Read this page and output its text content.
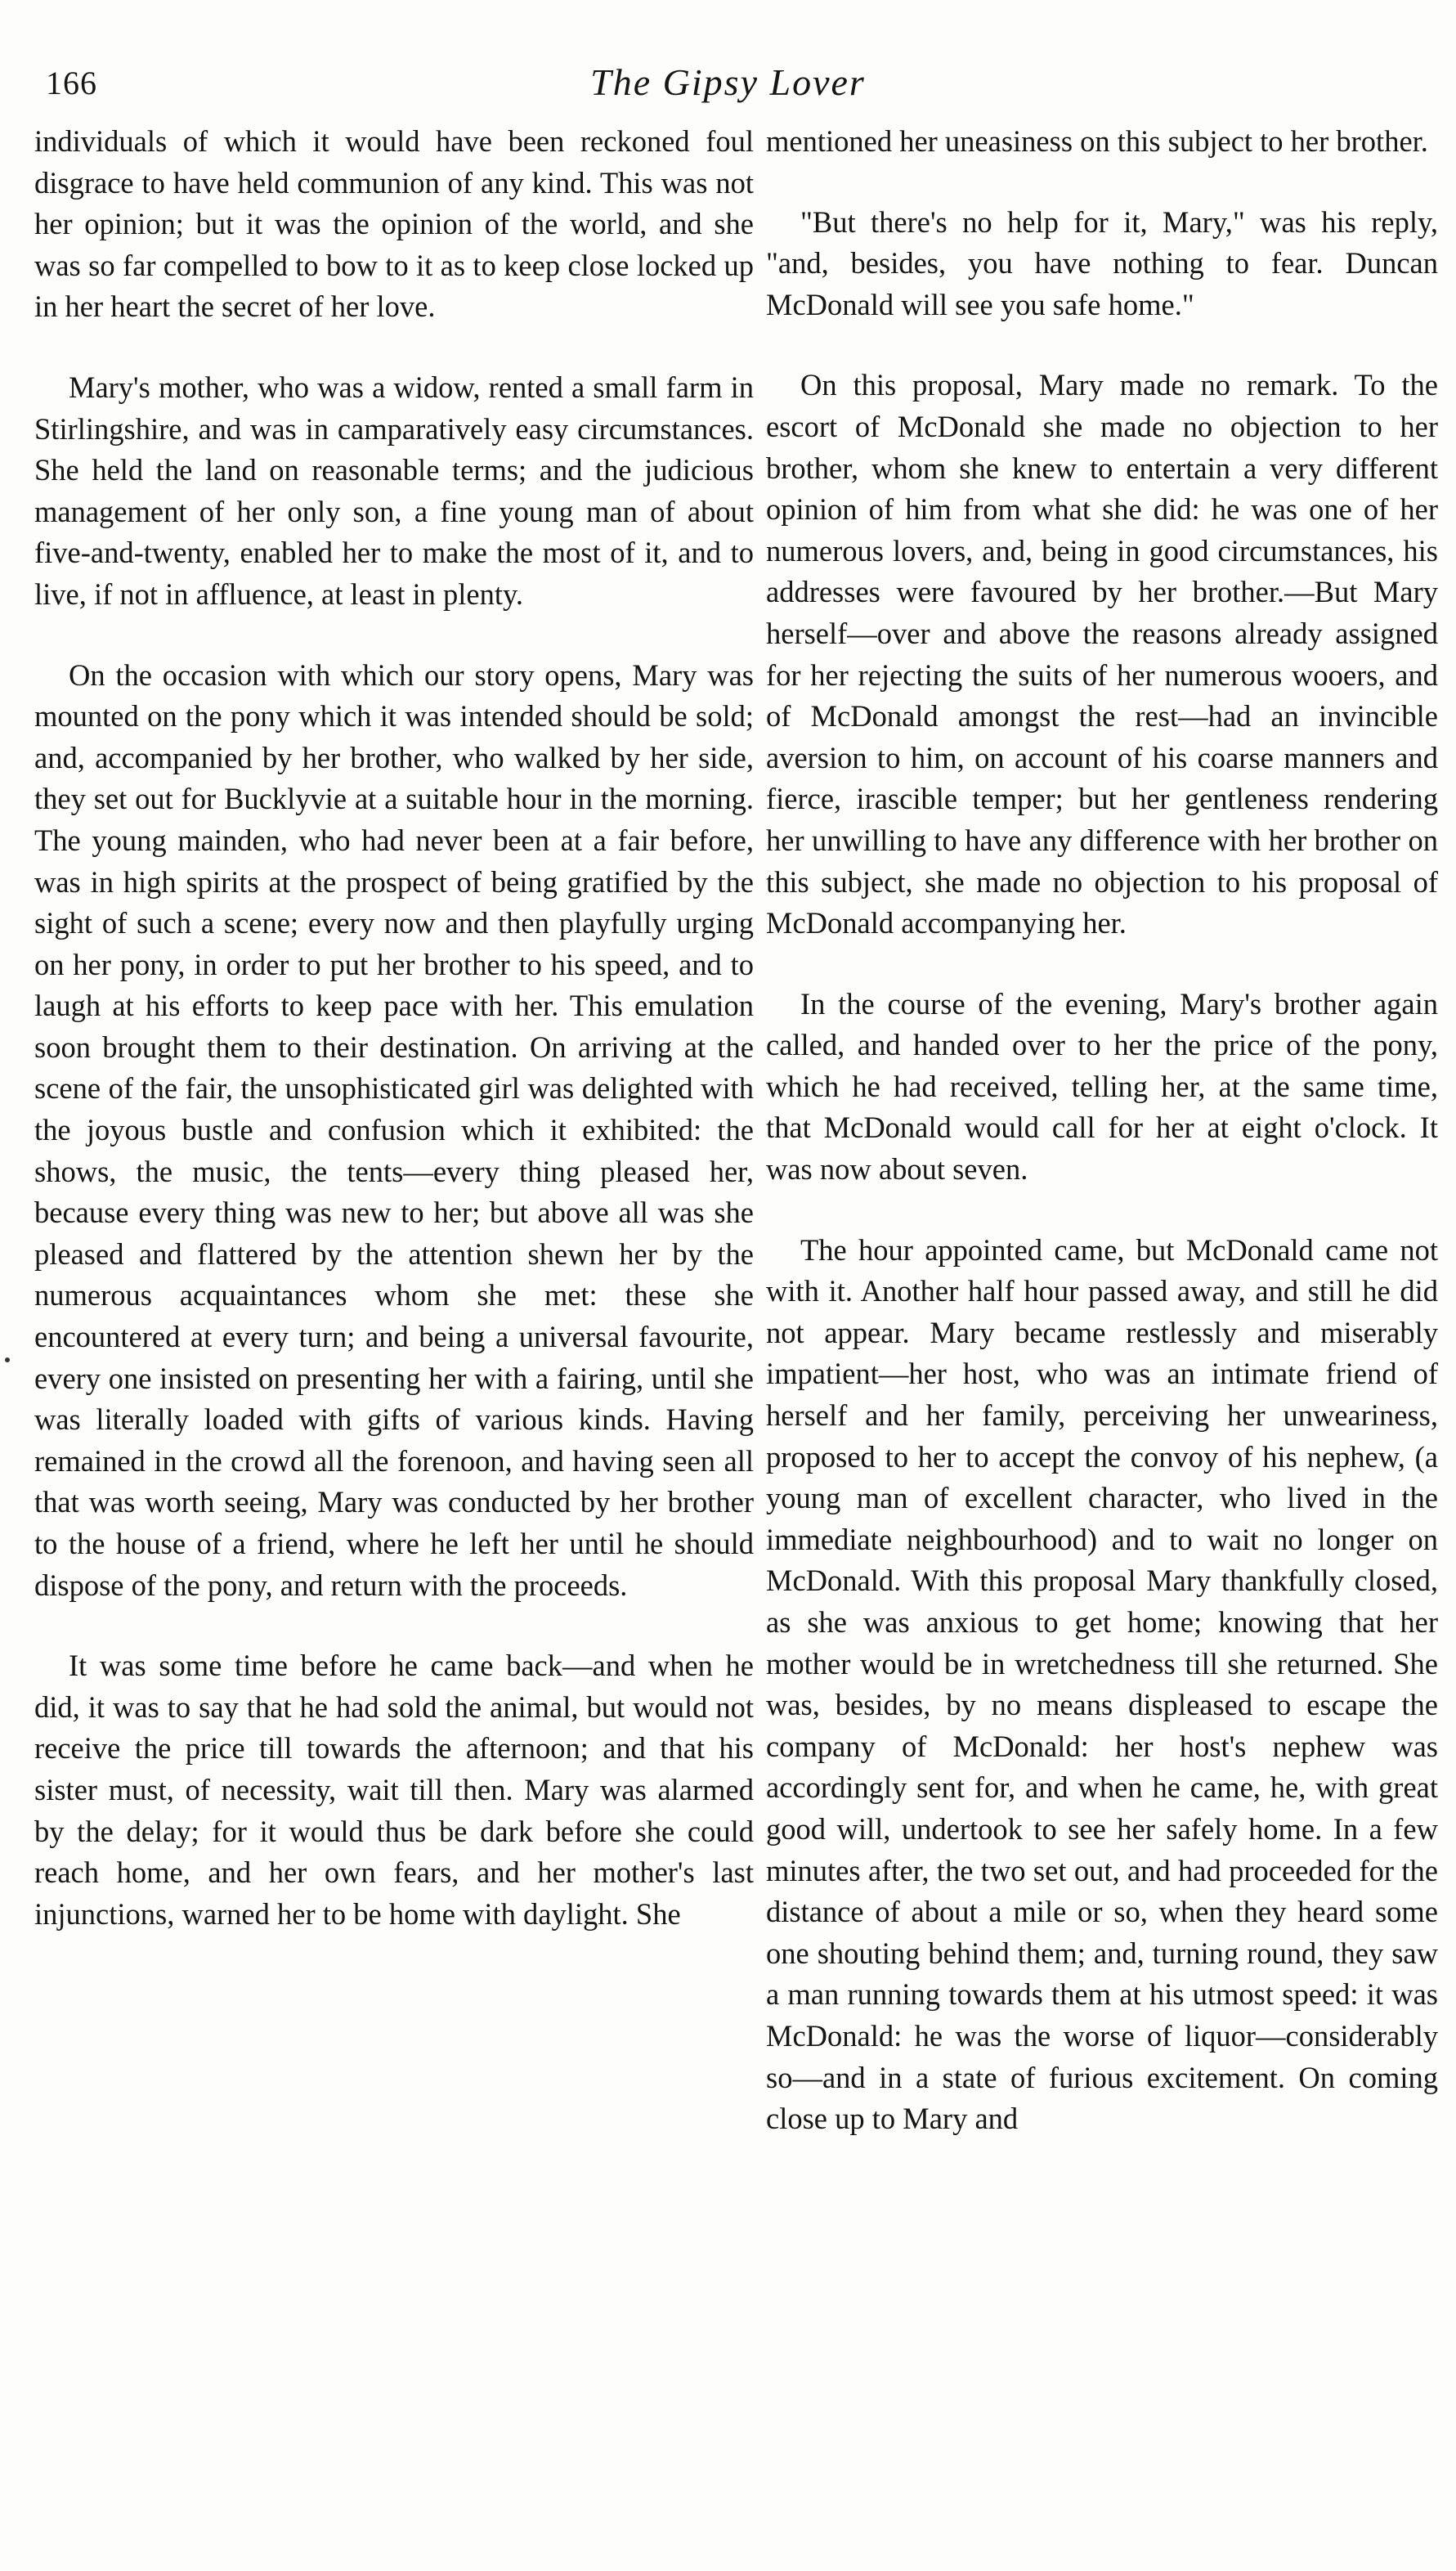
166	The Gipsy Lover

individuals of which it would have been reckoned foul disgrace to have held communion of any kind. This was not her opinion; but it was the opinion of the world, and she was so far compelled to bow to it as to keep close locked up in her heart the secret of her love.

Mary's mother, who was a widow, rented a small farm in Stirlingshire, and was in camparatively easy circumstances. She held the land on reasonable terms; and the judicious management of her only son, a fine young man of about five-and-twenty, enabled her to make the most of it, and to live, if not in affluence, at least in plenty.

On the occasion with which our story opens, Mary was mounted on the pony which it was intended should be sold; and, accompanied by her brother, who walked by her side, they set out for Bucklyvie at a suitable hour in the morning. The young mainden, who had never been at a fair before, was in high spirits at the prospect of being gratified by the sight of such a scene; every now and then playfully urging on her pony, in order to put her brother to his speed, and to laugh at his efforts to keep pace with her. This emulation soon brought them to their destination. On arriving at the scene of the fair, the unsophisticated girl was delighted with the joyous bustle and confusion which it exhibited: the shows, the music, the tents—every thing pleased her, because every thing was new to her; but above all was she pleased and flattered by the attention shewn her by the numerous acquaintances whom she met: these she encountered at every turn; and being a universal favourite, every one insisted on presenting her with a fairing, until she was literally loaded with gifts of various kinds. Having remained in the crowd all the forenoon, and having seen all that was worth seeing, Mary was conducted by her brother to the house of a friend, where he left her until he should dispose of the pony, and return with the proceeds.

It was some time before he came back—and when he did, it was to say that he had sold the animal, but would not receive the price till towards the afternoon; and that his sister must, of necessity, wait till then. Mary was alarmed by the delay; for it would thus be dark before she could reach home, and her own fears, and her mother's last injunctions, warned her to be home with daylight. She

mentioned her uneasiness on this subject to her brother.

"But there's no help for it, Mary," was his reply, "and, besides, you have nothing to fear. Duncan McDonald will see you safe home."

On this proposal, Mary made no remark. To the escort of McDonald she made no objection to her brother, whom she knew to entertain a very different opinion of him from what she did: he was one of her numerous lovers, and, being in good circumstances, his addresses were favoured by her brother.—But Mary herself—over and above the reasons already assigned for her rejecting the suits of her numerous wooers, and of McDonald amongst the rest—had an invincible aversion to him, on account of his coarse manners and fierce, irascible temper; but her gentleness rendering her unwilling to have any difference with her brother on this subject, she made no objection to his proposal of McDonald accompanying her.

In the course of the evening, Mary's brother again called, and handed over to her the price of the pony, which he had received, telling her, at the same time, that McDonald would call for her at eight o'clock. It was now about seven.

The hour appointed came, but McDonald came not with it. Another half hour passed away, and still he did not appear. Mary became restlessly and miserably impatient—her host, who was an intimate friend of herself and her family, perceiving her unweariness, proposed to her to accept the convoy of his nephew, (a young man of excellent character, who lived in the immediate neighbourhood) and to wait no longer on McDonald. With this proposal Mary thankfully closed, as she was anxious to get home; knowing that her mother would be in wretchedness till she returned. She was, besides, by no means displeased to escape the company of McDonald: her host's nephew was accordingly sent for, and when he came, he, with great good will, undertook to see her safely home. In a few minutes after, the two set out, and had proceeded for the distance of about a mile or so, when they heard some one shouting behind them; and, turning round, they saw a man running towards them at his utmost speed: it was McDonald: he was the worse of liquor—considerably so—and in a state of furious excitement. On coming close up to Mary and
